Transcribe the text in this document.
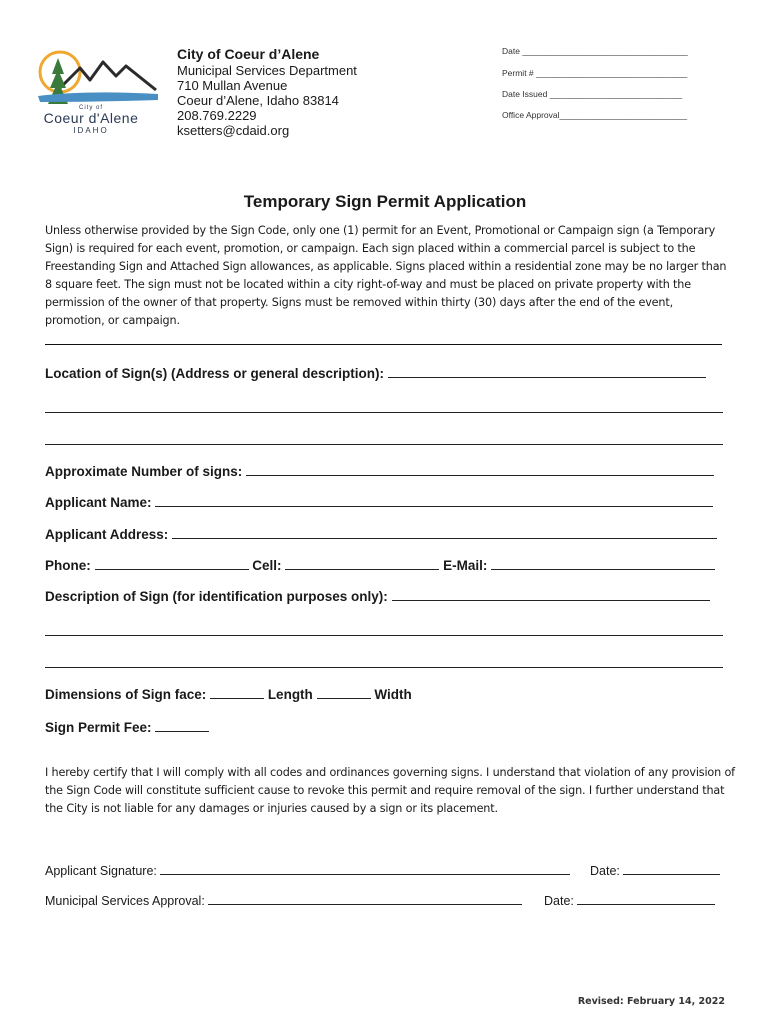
City of
Coeur d'Alene
IDAHO
City of Coeur d’Alene
Municipal Services Department
710 Mullan Avenue
Coeur d’Alene, Idaho 83814
208.769.2229
ksetters@cdaid.org
Date ___________________________________
Permit # ________________________________
Date Issued ____________________________
Office Approval___________________________
Temporary Sign Permit Application
Unless otherwise provided by the Sign Code, only one (1) permit for an Event, Promotional or Campaign sign (a Temporary Sign) is required for each event, promotion, or campaign. Each sign placed within a commercial parcel is subject to the Freestanding Sign and Attached Sign allowances, as applicable. Signs placed within a residential zone may be no larger than 8 square feet. The sign must not be located within a city right-of-way and must be placed on private property with the permission of the owner of that property. Signs must be removed within thirty (30) days after the end of the event, promotion, or campaign.
Location of Sign(s) (Address or general description):
Approximate Number of signs:
Applicant Name:
Applicant Address:
Phone:	Cell:	E-Mail:
Description of Sign (for identification purposes only):
Dimensions of Sign face:	Length	Width
Sign Permit Fee:
I hereby certify that I will comply with all codes and ordinances governing signs. I understand that violation of any provision of the Sign Code will constitute sufficient cause to revoke this permit and require removal of the sign. I further understand that the City is not liable for any damages or injuries caused by a sign or its placement.
Applicant Signature:	Date:
Municipal Services Approval:	Date:
Revised: February 14, 2022
